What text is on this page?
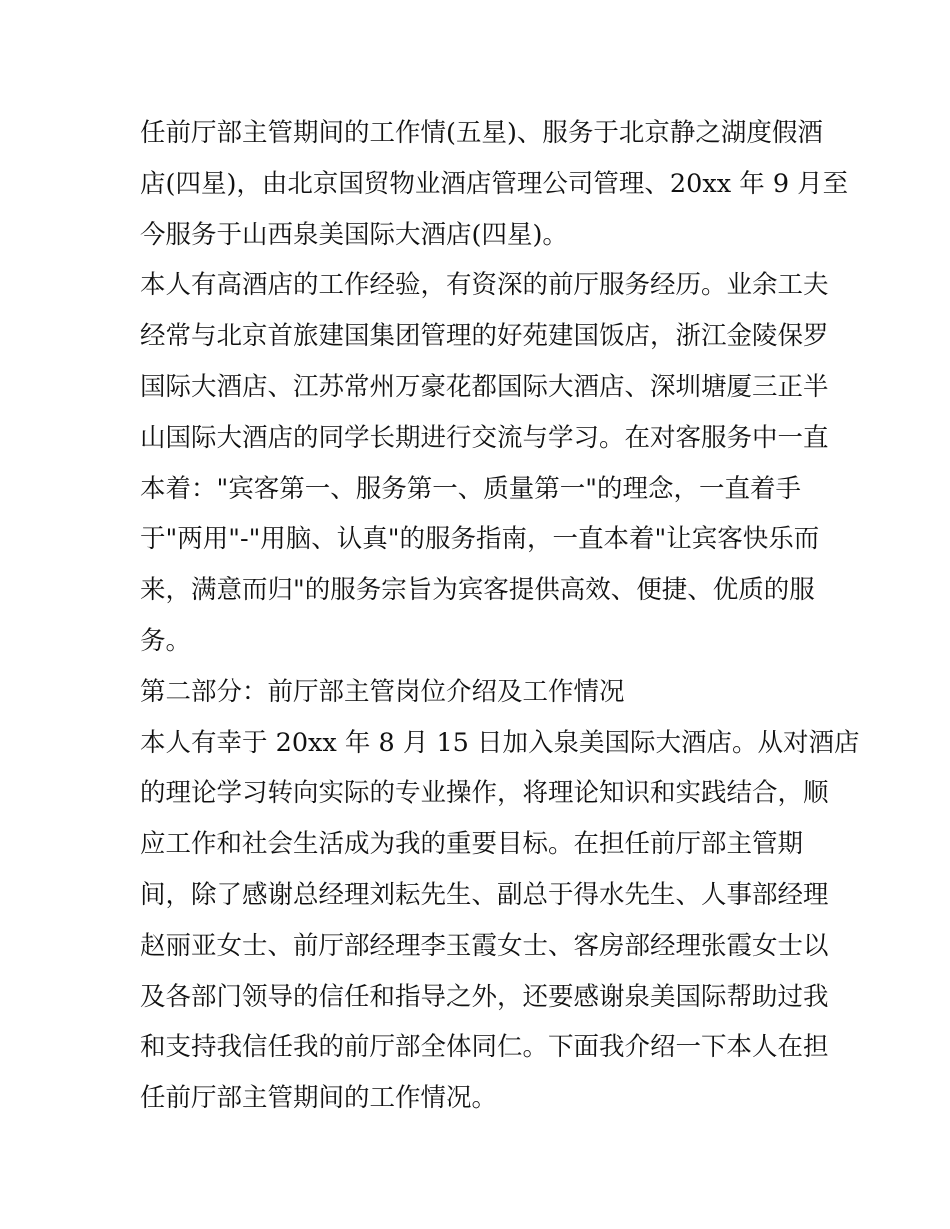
任前厅部主管期间的工作情(五星)、服务于北京静之湖度假酒
店(四星)，由北京国贸物业酒店管理公司管理、20xx 年 9 月至
今服务于山西泉美国际大酒店(四星)。
本人有高酒店的工作经验，有资深的前厅服务经历。业余工夫
经常与北京首旅建国集团管理的好苑建国饭店，浙江金陵保罗
国际大酒店、江苏常州万豪花都国际大酒店、深圳塘厦三正半
山国际大酒店的同学长期进行交流与学习。在对客服务中一直
本着："宾客第一、服务第一、质量第一"的理念，一直着手
于"两用"-"用脑、认真"的服务指南，一直本着"让宾客快乐而
来，满意而归"的服务宗旨为宾客提供高效、便捷、优质的服
务。
第二部分：前厅部主管岗位介绍及工作情况
本人有幸于 20xx 年 8 月 15 日加入泉美国际大酒店。从对酒店
的理论学习转向实际的专业操作，将理论知识和实践结合，顺
应工作和社会生活成为我的重要目标。在担任前厅部主管期
间，除了感谢总经理刘耘先生、副总于得水先生、人事部经理
赵丽亚女士、前厅部经理李玉霞女士、客房部经理张霞女士以
及各部门领导的信任和指导之外，还要感谢泉美国际帮助过我
和支持我信任我的前厅部全体同仁。下面我介绍一下本人在担
任前厅部主管期间的工作情况。
